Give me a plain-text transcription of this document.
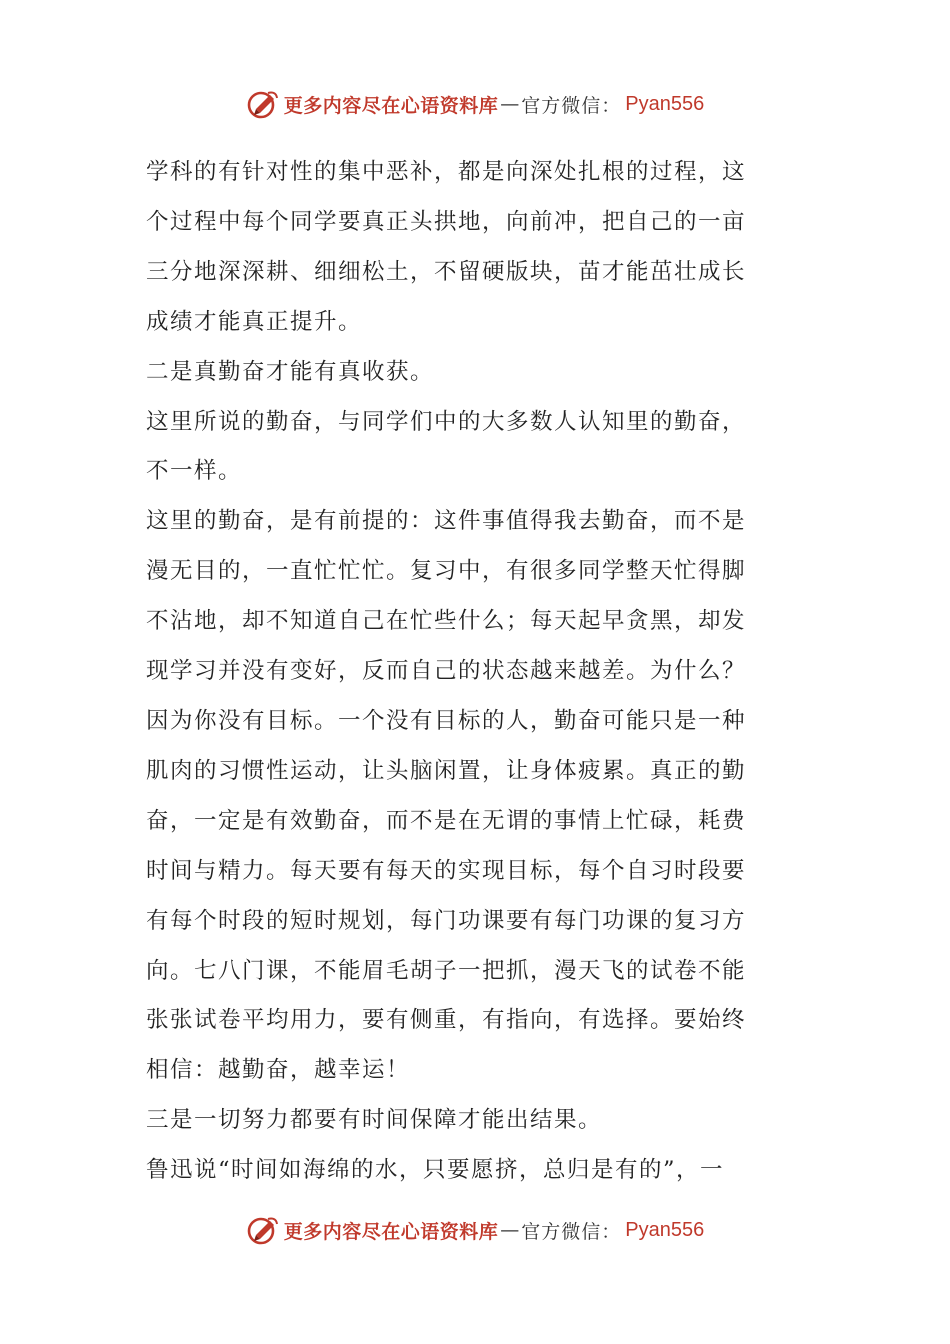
更多内容尽在心语资料库 — 官方微信： Pyan556

学科的有针对性的集中恶补，都是向深处扎根的过程，这

个过程中每个同学要真正头拱地，向前冲，把自己的一亩

三分地深深耕、细细松土，不留硬版块，苗才能茁壮成长

成绩才能真正提升。

二是真勤奋才能有真收获。

这里所说的勤奋，与同学们中的大多数人认知里的勤奋，

不一样。

这里的勤奋，是有前提的：这件事值得我去勤奋，而不是

漫无目的，一直忙忙忙。复习中，有很多同学整天忙得脚

不沾地，却不知道自己在忙些什么；每天起早贪黑，却发

现学习并没有变好，反而自己的状态越来越差。为什么？

因为你没有目标。一个没有目标的人，勤奋可能只是一种

肌肉的习惯性运动，让头脑闲置，让身体疲累。真正的勤

奋，一定是有效勤奋，而不是在无谓的事情上忙碌，耗费

时间与精力。每天要有每天的实现目标，每个自习时段要

有每个时段的短时规划，每门功课要有每门功课的复习方

向。七八门课，不能眉毛胡子一把抓，漫天飞的试卷不能

张张试卷平均用力，要有侧重，有指向，有选择。要始终

相信：越勤奋，越幸运！

三是一切努力都要有时间保障才能出结果。

鲁迅说“时间如海绵的水，只要愿挤，总归是有的”，一

更多内容尽在心语资料库 — 官方微信： Pyan556
